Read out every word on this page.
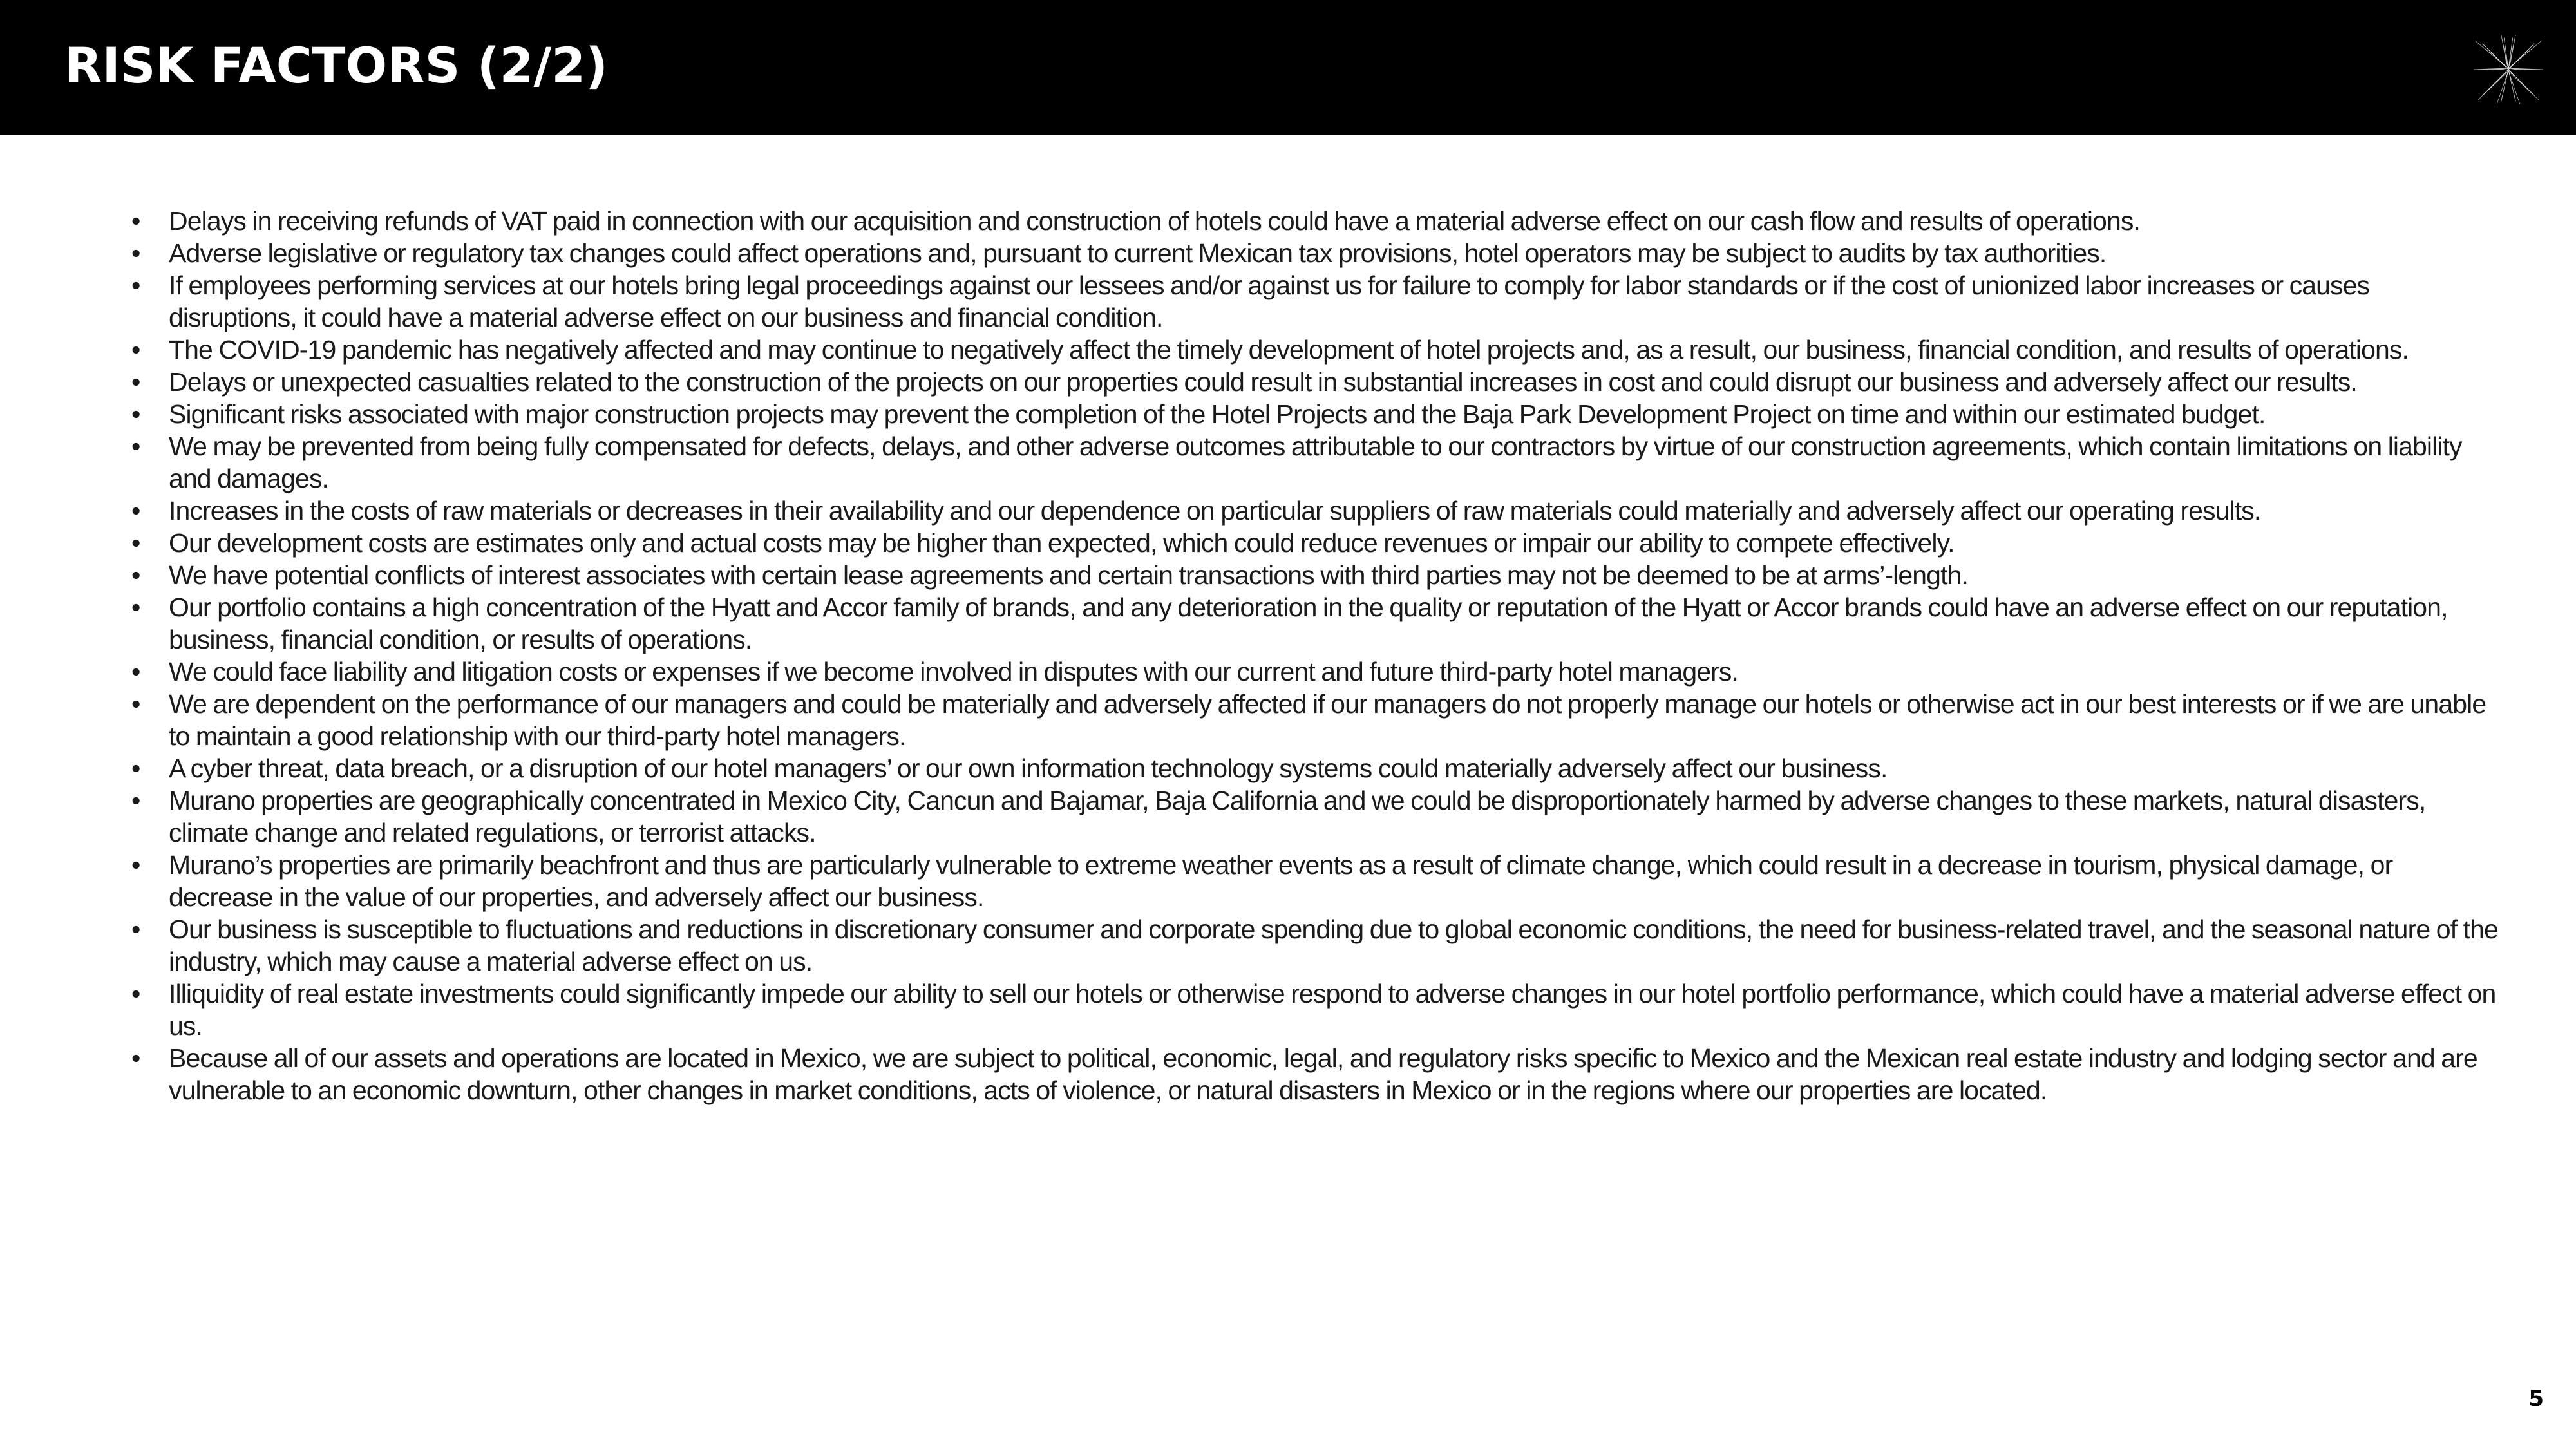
RISK FACTORS (2/2)
• Delays in receiving refunds of VAT paid in connection with our acquisition and construction of hotels could have a material adverse effect on our cash flow and results of operations.
• Adverse legislative or regulatory tax changes could affect operations and, pursuant to current Mexican tax provisions, hotel operators may be subject to audits by tax authorities.
• If employees performing services at our hotels bring legal proceedings against our lessees and/or against us for failure to comply for labor standards or if the cost of unionized labor increases or causes disruptions, it could have a material adverse effect on our business and financial condition.
• The COVID-19 pandemic has negatively affected and may continue to negatively affect the timely development of hotel projects and, as a result, our business, financial condition, and results of operations.
• Delays or unexpected casualties related to the construction of the projects on our properties could result in substantial increases in cost and could disrupt our business and adversely affect our results.
• Significant risks associated with major construction projects may prevent the completion of the Hotel Projects and the Baja Park Development Project on time and within our estimated budget.
• We may be prevented from being fully compensated for defects, delays, and other adverse outcomes attributable to our contractors by virtue of our construction agreements, which contain limitations on liability and damages.
• Increases in the costs of raw materials or decreases in their availability and our dependence on particular suppliers of raw materials could materially and adversely affect our operating results.
• Our development costs are estimates only and actual costs may be higher than expected, which could reduce revenues or impair our ability to compete effectively.
• We have potential conflicts of interest associates with certain lease agreements and certain transactions with third parties may not be deemed to be at arms’-length.
• Our portfolio contains a high concentration of the Hyatt and Accor family of brands, and any deterioration in the quality or reputation of the Hyatt or Accor brands could have an adverse effect on our reputation, business, financial condition, or results of operations.
• We could face liability and litigation costs or expenses if we become involved in disputes with our current and future third-party hotel managers.
• We are dependent on the performance of our managers and could be materially and adversely affected if our managers do not properly manage our hotels or otherwise act in our best interests or if we are unable to maintain a good relationship with our third-party hotel managers.
• A cyber threat, data breach, or a disruption of our hotel managers’ or our own information technology systems could materially adversely affect our business.
• Murano properties are geographically concentrated in Mexico City, Cancun and Bajamar, Baja California and we could be disproportionately harmed by adverse changes to these markets, natural disasters, climate change and related regulations, or terrorist attacks.
• Murano’s properties are primarily beachfront and thus are particularly vulnerable to extreme weather events as a result of climate change, which could result in a decrease in tourism, physical damage, or decrease in the value of our properties, and adversely affect our business.
• Our business is susceptible to fluctuations and reductions in discretionary consumer and corporate spending due to global economic conditions, the need for business-related travel, and the seasonal nature of the industry, which may cause a material adverse effect on us.
• Illiquidity of real estate investments could significantly impede our ability to sell our hotels or otherwise respond to adverse changes in our hotel portfolio performance, which could have a material adverse effect on us.
• Because all of our assets and operations are located in Mexico, we are subject to political, economic, legal, and regulatory risks specific to Mexico and the Mexican real estate industry and lodging sector and are vulnerable to an economic downturn, other changes in market conditions, acts of violence, or natural disasters in Mexico or in the regions where our properties are located.
5
